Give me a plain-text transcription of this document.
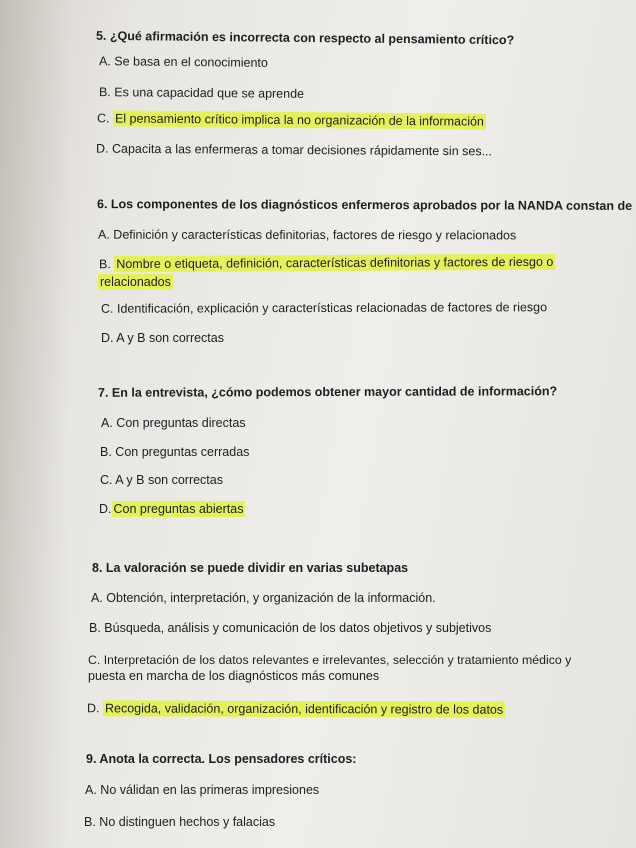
5. ¿Qué afirmación es incorrecta con respecto al pensamiento crítico?
A. Se basa en el conocimiento
B. Es una capacidad que se aprende
C. El pensamiento crítico implica la no organización de la información
D. Capacita a las enfermeras a tomar decisiones rápidamente sin ses...
6. Los componentes de los diagnósticos enfermeros aprobados por la NANDA constan de
A. Definición y características definitorias, factores de riesgo y relacionados
B. Nombre o etiqueta, definición, características definitorias y factores de riesgo o
relacionados
C. Identificación, explicación y características relacionadas de factores de riesgo
D. A y B son correctas
7. En la entrevista, ¿cómo podemos obtener mayor cantidad de información?
A. Con preguntas directas
B. Con preguntas cerradas
C. A y B son correctas
D. Con preguntas abiertas
8. La valoración se puede dividir en varias subetapas
A. Obtención, interpretación, y organización de la información.
B. Búsqueda, análisis y comunicación de los datos objetivos y subjetivos
C. Interpretación de los datos relevantes e irrelevantes, selección y tratamiento médico y
puesta en marcha de los diagnósticos más comunes
D. Recogida, validación, organización, identificación y registro de los datos
9. Anota la correcta. Los pensadores críticos:
A. No válidan en las primeras impresiones
B. No distinguen hechos y falacias
